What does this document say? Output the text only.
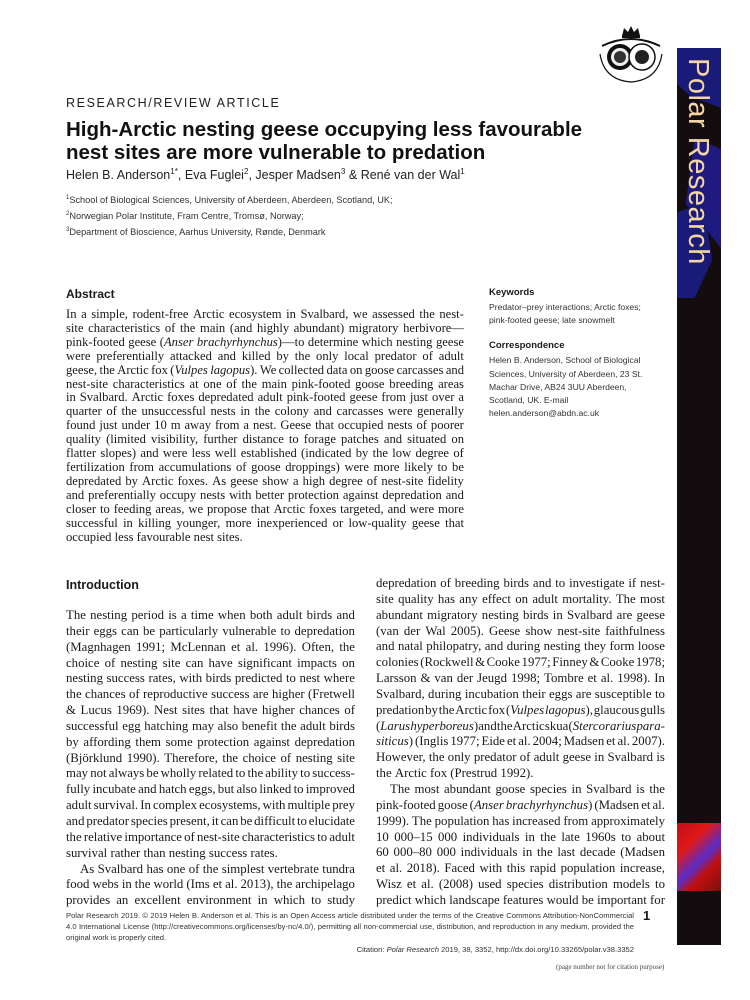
Polar Research
RESEARCH/REVIEW ARTICLE
High-Arctic nesting geese occupying less favourable
nest sites are more vulnerable to predation
Helen B. Anderson$^{1*}$, Eva Fuglei$^2$, Jesper Madsen$^3$ & René van der Wal$^1$
$^1$School of Biological Sciences, University of Aberdeen, Aberdeen, Scotland, UK;
$^2$Norwegian Polar Institute, Fram Centre, Tromsø, Norway;
$^3$Department of Bioscience, Aarhus University, Rønde, Denmark
Abstract
In a simple, rodent-free Arctic ecosystem in Svalbard, we assessed the nest-
site characteristics of the main (and highly abundant) migratory herbivore—
pink-footed geese (Anser brachyrhynchus)—to determine which nesting geese
were preferentially attacked and killed by the only local predator of adult
geese, the Arctic fox (Vulpes lagopus). We collected data on goose carcasses and
nest-site characteristics at one of the main pink-footed goose breeding areas
in Svalbard. Arctic foxes depredated adult pink-footed geese from just over a
quarter of the unsuccessful nests in the colony and carcasses were generally
found just under 10 m away from a nest. Geese that occupied nests of poorer
quality (limited visibility, further distance to forage patches and situated on
flatter slopes) and were less well established (indicated by the low degree of
fertilization from accumulations of goose droppings) were more likely to be
depredated by Arctic foxes. As geese show a high degree of nest-site fidelity
and preferentially occupy nests with better protection against depredation and
closer to feeding areas, we propose that Arctic foxes targeted, and were more
successful in killing younger, more inexperienced or low-quality geese that
occupied less favourable nest sites.
Keywords
Predator–prey interactions; Arctic foxes; pink-footed geese; late snowmelt
Correspondence
Helen B. Anderson, School of Biological Sciences, University of Aberdeen, 23 St. Machar Drive, AB24 3UU Aberdeen, Scotland, UK. E-mail helen.anderson@abdn.ac.uk
Introduction
The nesting period is a time when both adult birds and
their eggs can be particularly vulnerable to depredation
(Magnhagen 1991; McLennan et al. 1996). Often, the
choice of nesting site can have significant impacts on
nesting success rates, with birds predicted to nest where
the chances of reproductive success are higher (Fretwell
& Lucus 1969). Nest sites that have higher chances of
successful egg hatching may also benefit the adult birds
by affording them some protection against depredation
(Björklund 1990). Therefore, the choice of nesting site
may not always be wholly related to the ability to success-
fully incubate and hatch eggs, but also linked to improved
adult survival. In complex ecosystems, with multiple prey
and predator species present, it can be difficult to elucidate
the relative importance of nest-site characteristics to adult
survival rather than nesting success rates.
As Svalbard has one of the simplest vertebrate tundra
food webs in the world (Ims et al. 2013), the archipelago
provides an excellent environment in which to study
depredation of breeding birds and to investigate if nest-
site quality has any effect on adult mortality. The most
abundant migratory nesting birds in Svalbard are geese
(van der Wal 2005). Geese show nest-site faithfulness
and natal philopatry, and during nesting they form loose
colonies (Rockwell & Cooke 1977; Finney & Cooke 1978;
Larsson & van der Jeugd 1998; Tombre et al. 1998). In
Svalbard, during incubation their eggs are susceptible to
predation by the Arctic fox (Vulpes lagopus), glaucous gulls
(Larus hyperboreus) and the Arctic skua (Stercorarius para-
siticus) (Inglis 1977; Eide et al. 2004; Madsen et al. 2007).
However, the only predator of adult geese in Svalbard is
the Arctic fox (Prestrud 1992).
The most abundant goose species in Svalbard is the
pink-footed goose (Anser brachyrhynchus) (Madsen et al.
1999). The population has increased from approximately
10 000–15 000 individuals in the late 1960s to about
60 000–80 000 individuals in the last decade (Madsen
et al. 2018). Faced with this rapid population increase,
Wisz et al. (2008) used species distribution models to
predict which landscape features would be important for
Polar Research 2019. © 2019 Helen B. Anderson et al. This is an Open Access article distributed under the terms of the Creative Commons Attribution-NonCommercial 4.0 International License (http://creativecommons.org/licenses/by-nc/4.0/), permitting all non-commercial use, distribution, and reproduction in any medium, provided the original work is properly cited.
Citation: Polar Research 2019, 38, 3352, http://dx.doi.org/10.33265/polar.v38.3352
1
(page number not for citation purpose)
